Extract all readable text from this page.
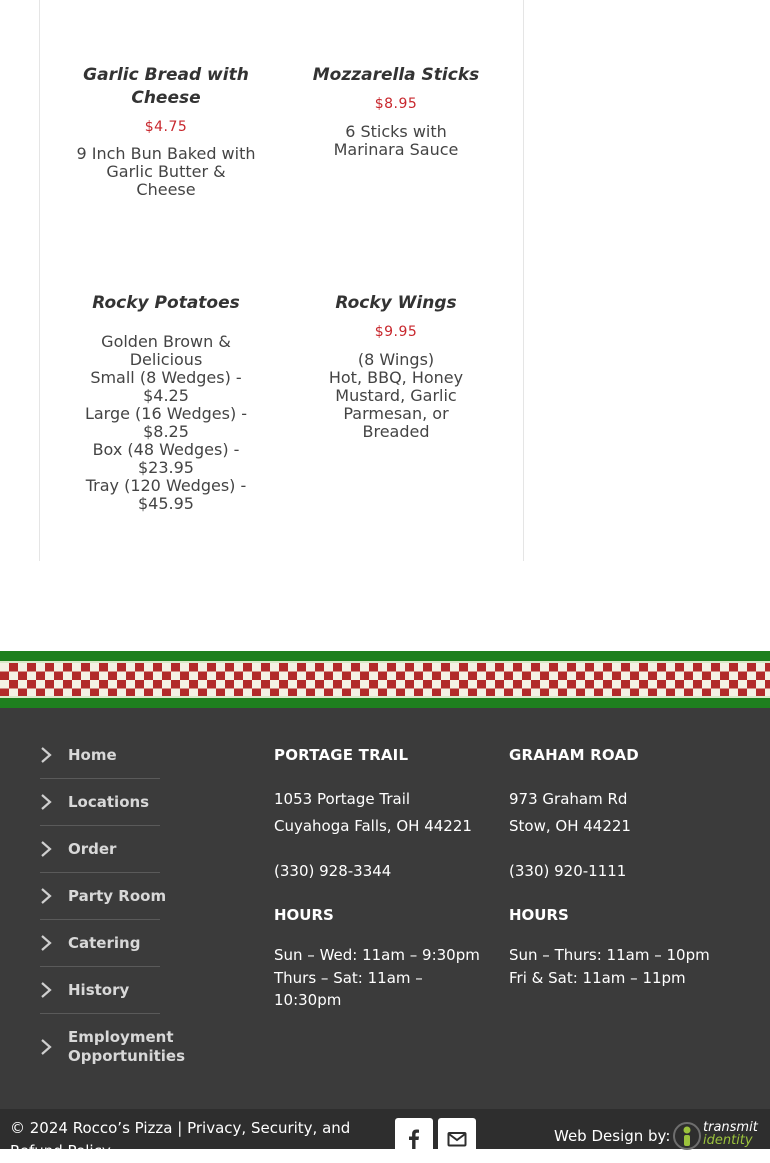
Garlic Bread with Cheese
$4.75
9 Inch Bun Baked with
Garlic Butter &
Cheese
Mozzarella Sticks
$8.95
6 Sticks with
Marinara Sauce
Rocky Potatoes
Golden Brown &
Delicious
Small (8 Wedges) -
$4.25
Large (16 Wedges) -
$8.25
Box (48 Wedges) -
$23.95
Tray (120 Wedges) -
$45.95
Rocky Wings
$9.95
(8 Wings)
Hot, BBQ, Honey
Mustard, Garlic
Parmesan, or
Breaded
Home
Locations
Order
Party Room
Catering
History
Employment Opportunities
PORTAGE TRAIL
1053 Portage Trail
Cuyahoga Falls, OH 44221
(330) 928-3344
HOURS
Sun – Wed: 11am – 9:30pm
Thurs – Sat: 11am –
10:30pm
GRAHAM ROAD
973 Graham Rd
Stow, OH 44221
(330) 920-1111
HOURS
Sun – Thurs: 11am – 10pm
Fri & Sat: 11am – 11pm
© 2024 Rocco’s Pizza | Privacy, Security, and Refund Policy
Web Design by:	transmit
identity
